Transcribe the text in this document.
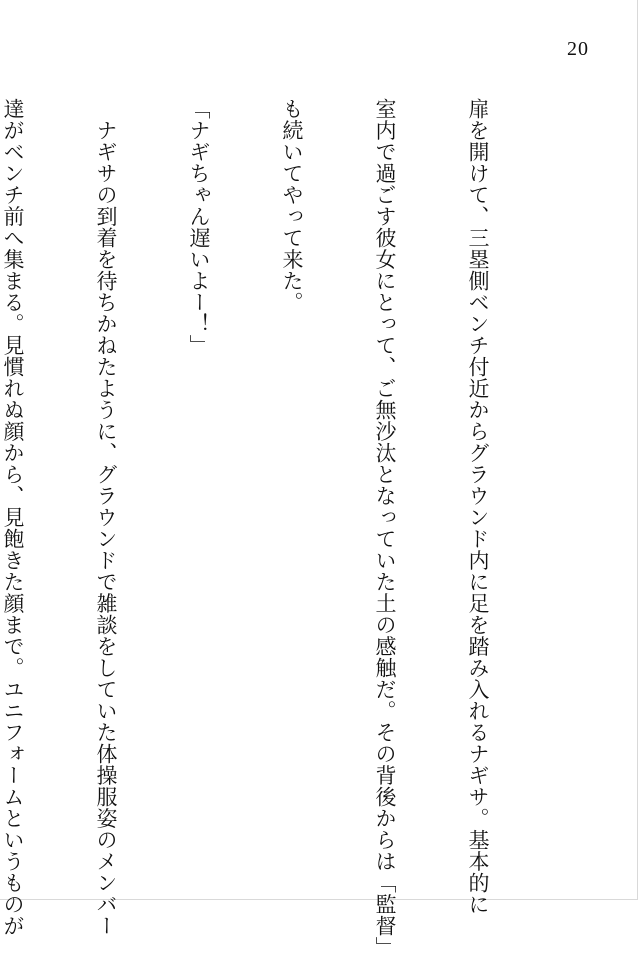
20

扉を開けて、三塁側ベンチ付近からグラウンド内に足を踏み入れるナギサ。基本的に

室内で過ごす彼女にとって、ご無沙汰となっていた土の感触だ。その背後からは「監督」

も続いてやって来た。

「ナギちゃん遅いよー！」

　ナギサの到着を待ちかねたように、グラウンドで雑談をしていた体操服姿のメンバー

達がベンチ前へ集まる。見慣れぬ顔から、見飽きた顔まで。ユニフォームというものが
